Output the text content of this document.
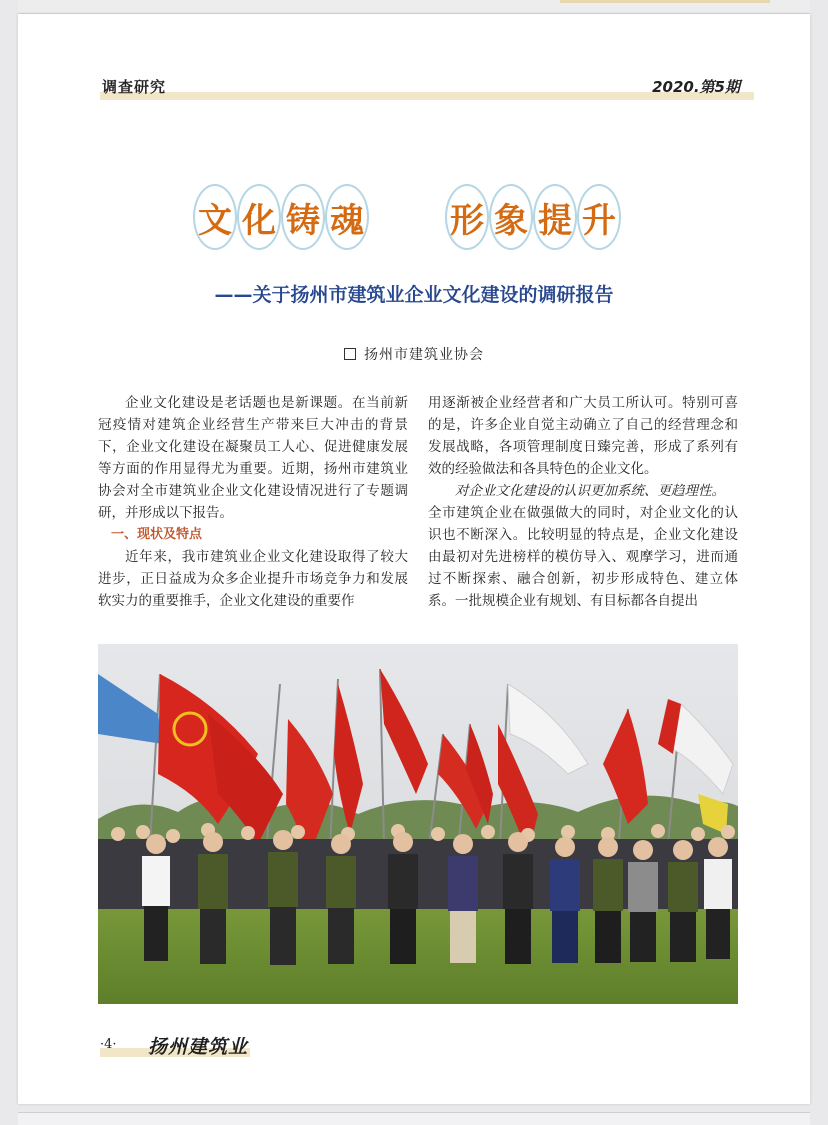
调查研究	2020.第5期
文 化 铸 魂	形 象 提 升
——关于扬州市建筑业企业文化建设的调研报告
扬州市建筑业协会

企业文化建设是老话题也是新课题。在当前新冠疫情对建筑企业经营生产带来巨大冲击的背景下，企业文化建设在凝聚员工人心、促进健康发展等方面的作用显得尤为重要。近期，扬州市建筑业协会对全市建筑业企业文化建设情况进行了专题调研，并形成以下报告。

一、现状及特点

近年来，我市建筑业企业文化建设取得了较大进步，正日益成为众多企业提升市场竞争力和发展软实力的重要推手，企业文化建设的重要作

用逐渐被企业经营者和广大员工所认可。特别可喜的是，许多企业自觉主动确立了自己的经营理念和发展战略，各项管理制度日臻完善，形成了系列有效的经验做法和各具特色的企业文化。

对企业文化建设的认识更加系统、更趋理性。

全市建筑企业在做强做大的同时，对企业文化的认识也不断深入。比较明显的特点是，企业文化建设由最初对先进榜样的模仿导入、观摩学习，进而通过不断探索、融合创新，初步形成特色、建立体系。一批规模企业有规划、有目标都各自提出

·4· 扬州建筑业
